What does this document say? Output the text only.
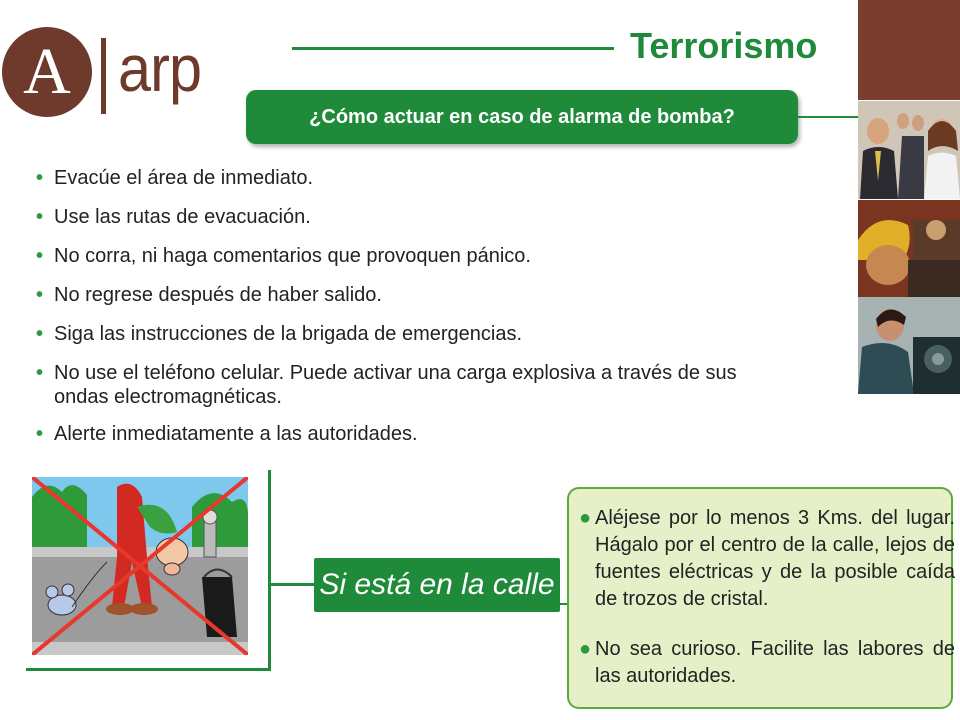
A arp	Terrorismo
¿Cómo actuar en caso de alarma de bomba?
• Evacúe el área de inmediato.
• Use las rutas de evacuación.
• No corra, ni haga comentarios que provoquen pánico.
• No regrese después de haber salido.
• Siga las instrucciones de la brigada de emergencias.
• No use el teléfono celular. Puede activar una carga explosiva a través de sus ondas electromagnéticas.
• Alerte inmediatamente a las autoridades.
Si está en la calle
● Aléjese por lo menos 3 Kms. del lugar. Hágalo por el centro de la calle, lejos de fuentes eléctricas y de la posible caída de trozos de cristal.
● No sea curioso. Facilite las labores de las autoridades.
